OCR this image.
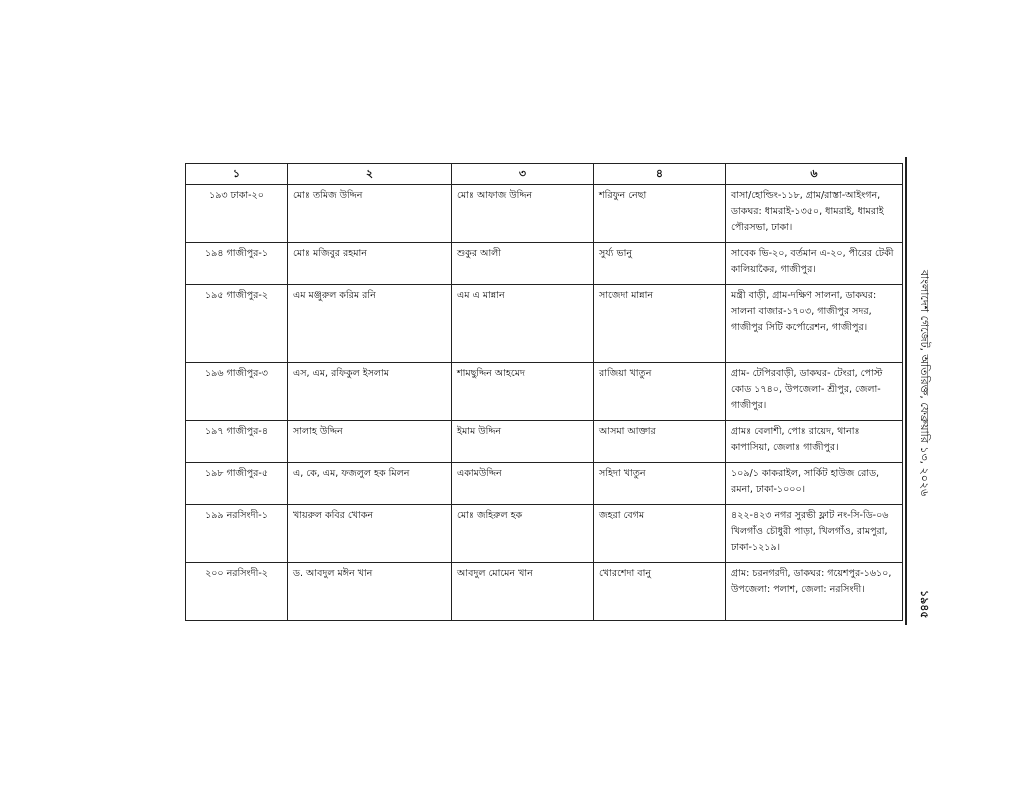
১	২	৩	৪	৬
১৯৩ ঢাকা-২০	মোঃ তমিজ উদ্দিন	মোঃ আফাজ উদ্দিন	শরিফুন নেছা	বাসা/হোল্ডিং-১১৮, গ্রাম/রাস্তা-আইংগন, ডাকঘর: ধামরাই-১৩৫০, ধামরাই, ধামরাই পৌরসভা, ঢাকা।
১৯৪ গাজীপুর-১	মোঃ মজিবুর রহমান	শুকুর আলী	সুর্য্য ভানু	সাবেক ভি-২০, বর্তমান এ-২০, পীরের টেকী কালিয়াকৈর, গাজীপুর।
১৯৫ গাজীপুর-২	এম মঞ্জুরুল করিম রনি	এম এ মান্নান	সাজেদা মান্নান	মন্ত্রী বাড়ী, গ্রাম-দক্ষিণ সালনা, ডাকঘর: সালনা বাজার-১৭০৩, গাজীপুর সদর, গাজীপুর সিটি কর্পোরেশন, গাজীপুর।
১৯৬ গাজীপুর-৩	এস, এম, রফিকুল ইসলাম	শামছুদ্দিন আহমেদ	রাজিয়া খাতুন	গ্রাম- টেপিরবাড়ী, ডাকঘর- টেংরা, পোস্ট কোড ১৭৪০, উপজেলা- শ্রীপুর, জেলা-গাজীপুর।
১৯৭ গাজীপুর-৪	সালাহ উদ্দিন	ইমাম উদ্দিন	আসমা আক্তার	গ্রামঃ বেলাশী, পোঃ রায়েদ, থানাঃ কাপাসিয়া, জেলাঃ গাজীপুর।
১৯৮ গাজীপুর-৫	এ, কে, এম, ফজলুল হক মিলন	একামউদ্দিন	সহিদা খাতুন	১০৯/১ কাকরাইল, সার্কিট হাউজ রোড, রমনা, ঢাকা-১০০০।
১৯৯ নরসিংদী-১	খায়রুল কবির খোকন	মোঃ জহিরুল হক	জহরা বেগম	৪২২-৪২৩ নগর সুরভী ফ্লাট নং-সি-ডি-০৬ খিলগাঁও চৌধুরী পাড়া, খিলগাঁও, রামপুরা, ঢাকা-১২১৯।
২০০ নরসিংদী-২	ড. আবদুল মঈন খান	আবদুল মোমেন খান	খোরশেদা বানু	গ্রাম: চরনগরদী, ডাকঘর: গয়েশপুর-১৬১০, উপজেলা: পলাশ, জেলা: নরসিংদী।
বাংলাদেশ গেজেট, অতিরিক্ত, ফেব্রুয়ারি ১৩, ২০২৬
১৯৪৫
